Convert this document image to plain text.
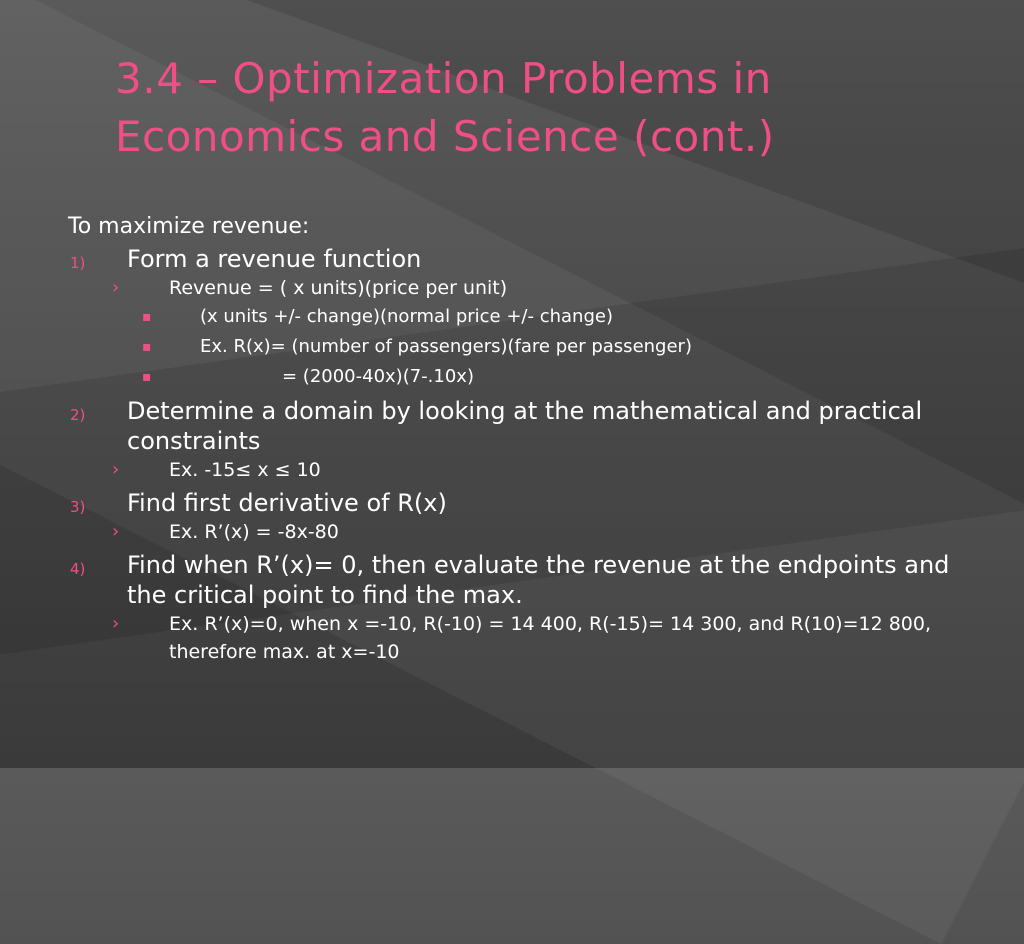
3.4 – Optimization Problems in Economics and Science (cont.)

To maximize revenue:

1) Form a revenue function

›	Revenue = ( x units)(price per unit)

▪	(x units +/- change)(normal price +/- change)

▪	Ex. R(x)= (number of passengers)(fare per passenger)

▪	= (2000-40x)(7-.10x)

2) Determine a domain by looking at the mathematical and practical constraints

›	Ex. -15≤ x ≤ 10

3) Find first derivative of R(x)

›	Ex. R’(x) = -8x-80

4) Find when R’(x)= 0, then evaluate the revenue at the endpoints and the critical point to find the max.

›	Ex. R’(x)=0, when x =-10, R(-10) = 14 400, R(-15)= 14 300, and R(10)=12 800, therefore max. at x=-10
